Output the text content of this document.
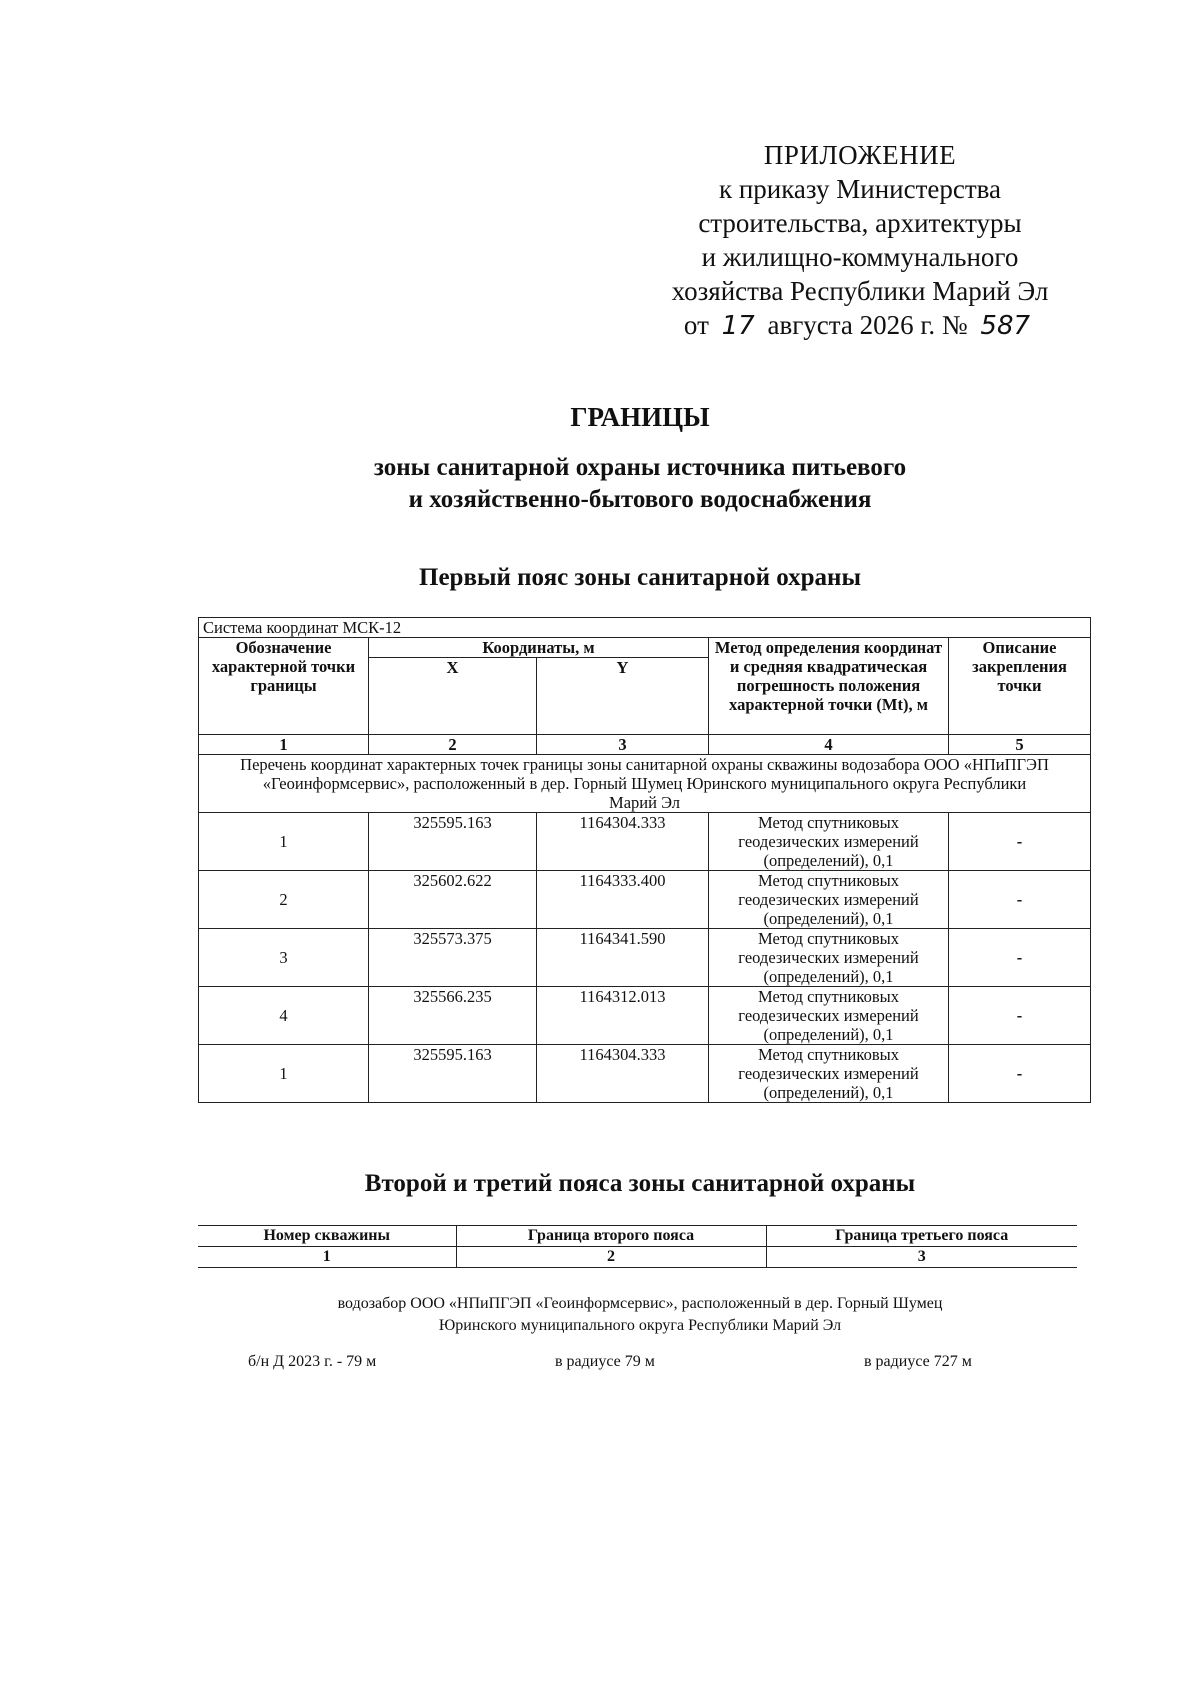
ПРИЛОЖЕНИЕ
к приказу Министерства
строительства, архитектуры
и жилищно-коммунального
хозяйства Республики Марий Эл
от 17 августа 2026 г. № 587
ГРАНИЦЫ
зоны санитарной охраны источника питьевого
и хозяйственно-бытового водоснабжения
Первый пояс зоны санитарной охраны
Система координат МСК-12				
Обозначение характерной точки границы	Координаты, м		Метод определения координат и средняя квадратическая погрешность положения характерной точки (Mt), м	Описание закрепления точки
	X	Y		
1	2	3	4	5
Перечень координат характерных точек границы зоны санитарной охраны скважины водозабора ООО «НПиПГЭП «Геоинформсервис», расположенный в дер. Горный Шумец Юринского муниципального округа Республики Марий Эл				
1	325595.163	1164304.333	Метод спутниковых геодезических измерений (определений), 0,1	-
2	325602.622	1164333.400	Метод спутниковых геодезических измерений (определений), 0,1	-
3	325573.375	1164341.590	Метод спутниковых геодезических измерений (определений), 0,1	-
4	325566.235	1164312.013	Метод спутниковых геодезических измерений (определений), 0,1	-
1	325595.163	1164304.333	Метод спутниковых геодезических измерений (определений), 0,1	-
Второй и третий пояса зоны санитарной охраны
Номер скважины	Граница второго пояса	Граница третьего пояса
1	2	3
водозабор ООО «НПиПГЭП «Геоинформсервис», расположенный в дер. Горный Шумец
Юринского муниципального округа Республики Марий Эл
б/н Д 2023 г. - 79 м	в радиусе 79 м	в радиусе 727 м
